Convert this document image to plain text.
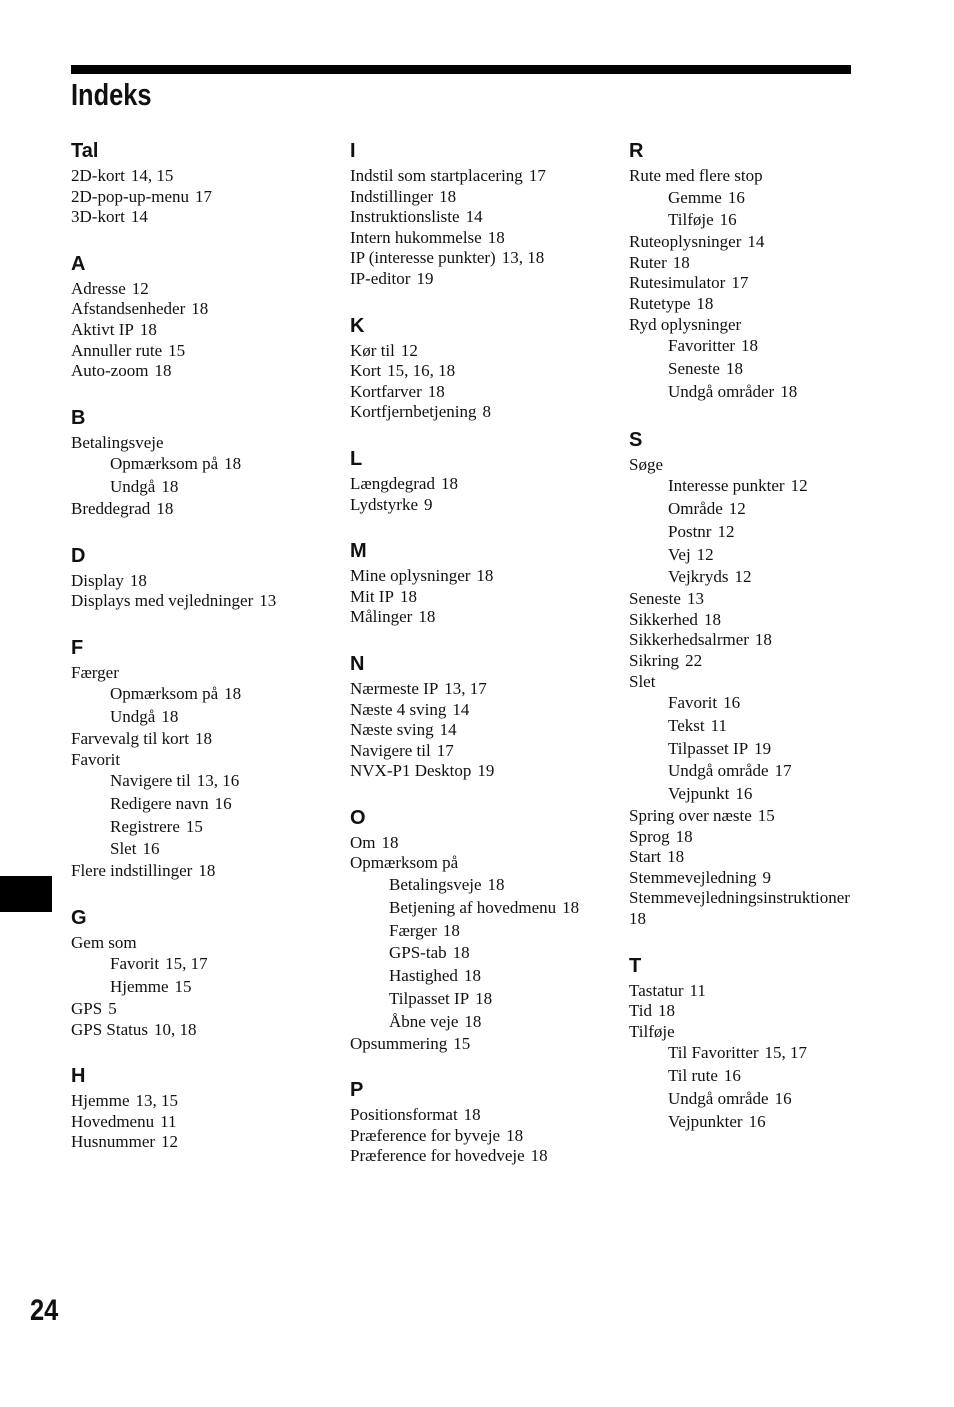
Indeks
Tal
2D-kort 14, 15
2D-pop-up-menu 17
3D-kort 14
A
Adresse 12
Afstandsenheder 18
Aktivt IP 18
Annuller rute 15
Auto-zoom 18
B
Betalingsveje
Opmærksom på 18
Undgå 18
Breddegrad 18
D
Display 18
Displays med vejledninger 13
F
Færger
Opmærksom på 18
Undgå 18
Farvevalg til kort 18
Favorit
Navigere til 13, 16
Redigere navn 16
Registrere 15
Slet 16
Flere indstillinger 18
G
Gem som
Favorit 15, 17
Hjemme 15
GPS 5
GPS Status 10, 18
H
Hjemme 13, 15
Hovedmenu 11
Husnummer 12
I
Indstil som startplacering 17
Indstillinger 18
Instruktionsliste 14
Intern hukommelse 18
IP (interesse punkter) 13, 18
IP-editor 19
K
Kør til 12
Kort 15, 16, 18
Kortfarver 18
Kortfjernbetjening 8
L
Længdegrad 18
Lydstyrke 9
M
Mine oplysninger 18
Mit IP 18
Målinger 18
N
Nærmeste IP 13, 17
Næste 4 sving 14
Næste sving 14
Navigere til 17
NVX-P1 Desktop 19
O
Om 18
Opmærksom på
Betalingsveje 18
Betjening af hovedmenu 18
Færger 18
GPS-tab 18
Hastighed 18
Tilpasset IP 18
Åbne veje 18
Opsummering 15
P
Positionsformat 18
Præference for byveje 18
Præference for hovedveje 18
R
Rute med flere stop
Gemme 16
Tilføje 16
Ruteoplysninger 14
Ruter 18
Rutesimulator 17
Rutetype 18
Ryd oplysninger
Favoritter 18
Seneste 18
Undgå områder 18
S
Søge
Interesse punkter 12
Område 12
Postnr 12
Vej 12
Vejkryds 12
Seneste 13
Sikkerhed 18
Sikkerhedsalrmer 18
Sikring 22
Slet
Favorit 16
Tekst 11
Tilpasset IP 19
Undgå område 17
Vejpunkt 16
Spring over næste 15
Sprog 18
Start 18
Stemmevejledning 9
Stemmevejledningsinstruktioner
18
T
Tastatur 11
Tid 18
Tilføje
Til Favoritter 15, 17
Til rute 16
Undgå område 16
Vejpunkter 16
24
